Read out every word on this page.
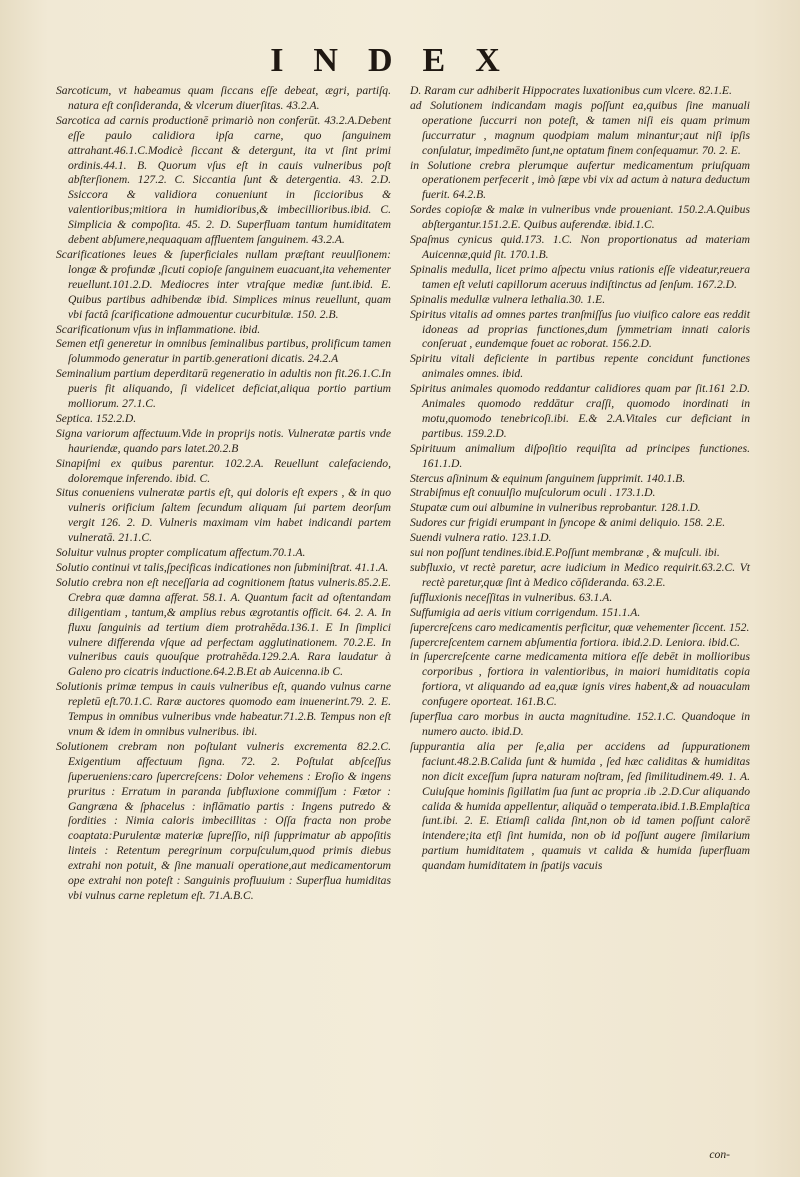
INDEX

Sarcoticum, vt habeamus quam ſiccans eſſe debeat, ægri, partiſq. natura eſt conſideranda, & vlcerum diuerſitas. 43.2.A.

Sarcotica ad carnis productionē primariò non conferūt. 43.2.A.Debent eſſe paulo calidiora ipſa carne, quo ſanguinem attrahant.46.1.C.Modicè ſiccant & detergunt, ita vt ſint primi ordinis.44.1. B. Quorum vſus eſt in cauis vulneribus poſt abſterſionem. 127.2. C. Siccantia ſunt & detergentia. 43. 2.D. Ssiccora & validiora conueniunt in ſiccioribus & valentioribus;mitiora in humidioribus,& imbecillioribus.ibid. C. Simplicia & compoſita. 45. 2. D. Superfluam tantum humiditatem debent abſumere,nequaquam affluentem ſanguinem. 43.2.A.

Scarificationes leues & ſuperficiales nullam præſtant reuulſionem: longæ & profundæ ,ſicuti copioſe ſanguinem euacuant,ita vehementer reuellunt.101.2.D. Mediocres inter vtraſque mediæ ſunt.ibid. E. Quibus partibus adhibendæ ibid. Simplices minus reuellunt, quam vbi factâ ſcarificatione admouentur cucurbitulæ. 150. 2.B.

Scarificationum vſus in inflammatione. ibid.

Semen etſi generetur in omnibus ſeminalibus partibus, prolificum tamen ſolummodo generatur in partib.generationi dicatis. 24.2.A

Seminalium partium deperditarū regeneratio in adultis non fit.26.1.C.In pueris fit aliquando, ſi videlicet deficiat,aliqua portio partium molliorum. 27.1.C.

Septica. 152.2.D.

Signa variorum affectuum.Vide in proprijs notis. Vulneratæ partis vnde hauriendæ, quando pars latet.20.2.B

Sinapiſmi ex quibus parentur. 102.2.A. Reuellunt calefaciendo, doloremque inferendo. ibid. C.

Situs conueniens vulneratæ partis eſt, qui doloris eſt expers , & in quo vulneris orificium ſaltem ſecundum aliquam ſui partem deorſum vergit 126. 2. D. Vulneris maximam vim habet indicandi partem vulneratā. 21.1.C.

Soluitur vulnus propter complicatum affectum.70.1.A.

Solutio continui vt talis,ſpecificas indicationes non ſubminiſtrat. 41.1.A.

Solutio crebra non eſt neceſſaria ad cognitionem ſtatus vulneris.85.2.E. Crebra quæ damna afferat. 58.1. A. Quantum facit ad oſtentandam diligentiam , tantum,& amplius rebus ægrotantis officit. 64. 2. A. In fluxu ſanguinis ad tertium diem protrahēda.136.1. E In ſimplici vulnere differenda vſque ad perfectam agglutinationem. 70.2.E. In vulneribus cauis quouſque protrahēda.129.2.A. Rara laudatur à Galeno pro cicatris inductione.64.2.B.Et ab Auicenna.ib C.

Solutionis primæ tempus in cauis vulneribus eſt, quando vulnus carne repletū eſt.70.1.C. Raræ auctores quomodo eam inuenerint.79. 2. E. Tempus in omnibus vulneribus vnde habeatur.71.2.B. Tempus non eſt vnum & idem in omnibus vulneribus. ibi.

Solutionem crebram non poſtulant vulneris excrementa 82.2.C. Exigentium affectuum ſigna. 72. 2. Poſtulat abſceſſus ſuperueniens:caro ſupercreſcens: Dolor vehemens : Eroſio & ingens pruritus : Erratum in paranda ſubfluxione commiſſum : Fœtor : Gangræna & ſphacelus : inflāmatio partis : Ingens putredo & ſordities : Nimia caloris imbecillitas : Oſſa fracta non probe coaptata:Purulentæ materiæ ſupreſſio, niſi ſupprimatur ab appoſitis linteis : Retentum peregrinum corpuſculum,quod primis diebus extrahi non potuit, & ſine manuali operatione,aut medicamentorum ope extrahi non poteſt : Sanguinis profluuium : Superflua humiditas vbi vulnus carne repletum eſt. 71.A.B.C.

D. Raram cur adhiberit Hippocrates luxationibus cum vlcere. 82.1.E.

ad Solutionem indicandam magis poſſunt ea,quibus ſine manuali operatione ſuccurri non poteſt, & tamen niſi eis quam primum ſuccurratur , magnum quodpiam malum minantur;aut niſi ipſis conſulatur, impedimēto ſunt,ne optatum finem conſequamur. 70. 2. E.

in Solutione crebra plerumque aufertur medicamentum priuſquam operationem perfecerit , imò ſæpe vbi vix ad actum à natura deductum fuerit. 64.2.B.

Sordes copioſæ & malæ in vulneribus vnde proueniant. 150.2.A.Quibus abſtergantur.151.2.E. Quibus auferendæ. ibid.1.C.

Spaſmus cynicus quid.173. 1.C. Non proportionatus ad materiam Auicennæ,quid ſit. 170.1.B.

Spinalis medulla, licet primo aſpectu vnius rationis eſſe videatur,reuera tamen eſt veluti capillorum aceruus indiſtinctus ad ſenſum. 167.2.D.

Spinalis medullæ vulnera lethalia.30. 1.E.

Spiritus vitalis ad omnes partes tranſmiſſus ſuo viuifico calore eas reddit idoneas ad proprias functiones,dum ſymmetriam innati caloris conſeruat , eundemque fouet ac roborat. 156.2.D.

Spiritu vitali deficiente in partibus repente concidunt functiones animales omnes. ibid.

Spiritus animales quomodo reddantur calidiores quam par ſit.161 2.D. Animales quomodo reddātur craſſi, quomodo inordinati in motu,quomodo tenebricoſi.ibi. E.& 2.A.Vitales cur deficiant in partibus. 159.2.D.

Spirituum animalium diſpoſitio requiſita ad principes functiones. 161.1.D.

Stercus aſininum & equinum ſanguinem ſupprimit. 140.1.B.

Strabiſmus eſt conuulſio muſculorum oculi . 173.1.D.

Stupatæ cum oui albumine in vulneribus reprobantur. 128.1.D.

Sudores cur frigidi erumpant in ſyncope & animi deliquio. 158. 2.E.

Suendi vulnera ratio. 123.1.D.

sui non poſſunt tendines.ibid.E.Poſſunt membranæ , & muſculi. ibi.

subfluxio, vt rectè paretur, acre iudicium in Medico requirit.63.2.C. Vt rectè paretur,quæ ſint à Medico cōſideranda. 63.2.E.

ſuffluxionis neceſſitas in vulneribus. 63.1.A.

Suffumigia ad aeris vitium corrigendum. 151.1.A.

ſupercreſcens caro medicamentis perficitur, quæ vehementer ſiccent. 152.

ſupercreſcentem carnem abſumentia fortiora. ibid.2.D. Leniora. ibid.C.

in ſupercreſcente carne medicamenta mitiora eſſe debēt in mollioribus corporibus , fortiora in valentioribus, in maiori humiditatis copia fortiora, vt aliquando ad ea,quæ ignis vires habent,& ad nouaculam confugere oporteat. 161.B.C.

ſuperflua caro morbus in aucta magnitudine. 152.1.C. Quandoque in numero aucto. ibid.D.

ſuppurantia alia per ſe,alia per accidens ad ſuppurationem faciunt.48.2.B.Calida ſunt & humida , ſed hæc caliditas & humiditas non dicit exceſſum ſupra naturam noſtram, ſed ſimilitudinem.49. 1. A. Cuiuſque hominis ſigillatim ſua ſunt ac propria .ib .2.D.Cur aliquando calida & humida appellentur, aliquād o temperata.ibid.1.B.Emplaſtica ſunt.ibi. 2. E. Etiamſi calida ſint,non ob id tamen poſſunt calorē intendere;ita etſi ſint humida, non ob id poſſunt augere ſimilarium partium humiditatem , quamuis vt calida & humida ſuperfluam quandam humiditatem in ſpatijs vacuis

con-
